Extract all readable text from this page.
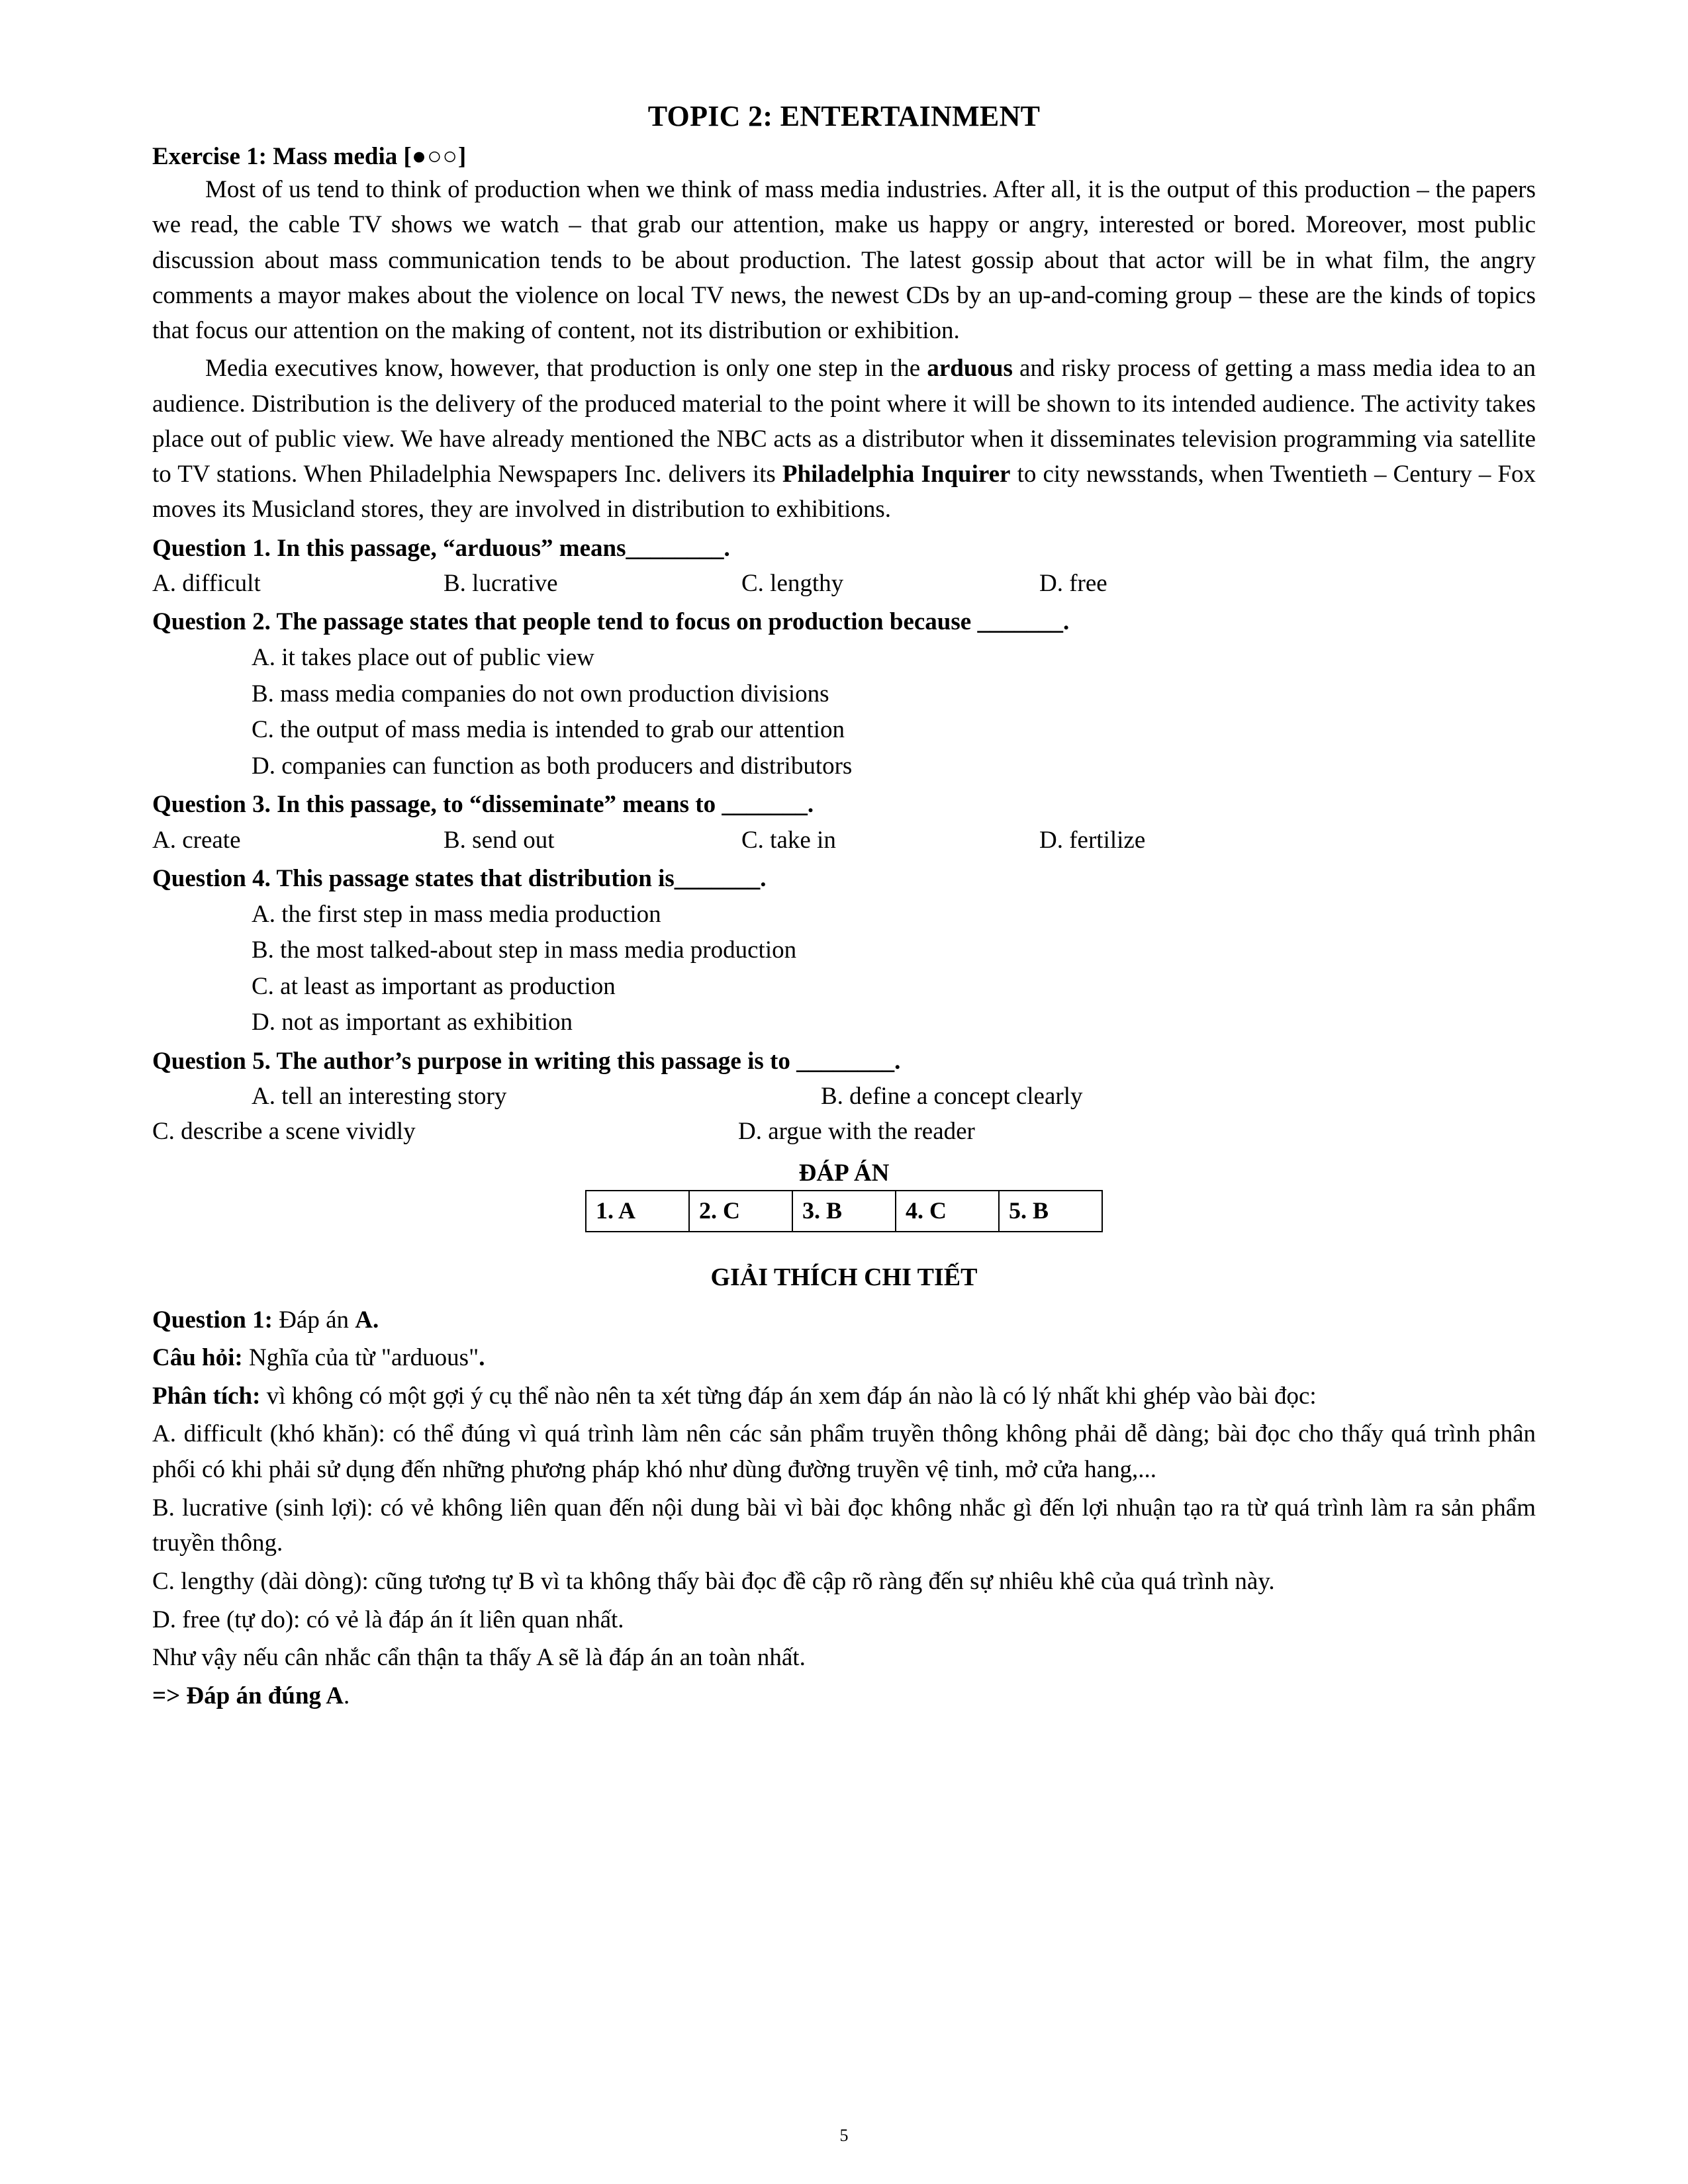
TOPIC 2: ENTERTAINMENT
Exercise 1: Mass media [●○○]

Most of us tend to think of production when we think of mass media industries. After all, it is the output of this production – the papers we read, the cable TV shows we watch – that grab our attention, make us happy or angry, interested or bored. Moreover, most public discussion about mass communication tends to be about production. The latest gossip about that actor will be in what film, the angry comments a mayor makes about the violence on local TV news, the newest CDs by an up-and-coming group – these are the kinds of topics that focus our attention on the making of content, not its distribution or exhibition.

Media executives know, however, that production is only one step in the arduous and risky process of getting a mass media idea to an audience. Distribution is the delivery of the produced material to the point where it will be shown to its intended audience. The activity takes place out of public view. We have already mentioned the NBC acts as a distributor when it disseminates television programming via satellite to TV stations. When Philadelphia Newspapers Inc. delivers its Philadelphia Inquirer to city newsstands, when Twentieth – Century – Fox moves its Musicland stores, they are involved in distribution to exhibitions.

Question 1. In this passage, “arduous” means________.
A. difficult	B. lucrative	C. lengthy	D. free
Question 2. The passage states that people tend to focus on production because _______.
A. it takes place out of public view
B. mass media companies do not own production divisions
C. the output of mass media is intended to grab our attention
D. companies can function as both producers and distributors
Question 3. In this passage, to “disseminate” means to _______.
A. create	B. send out	C. take in	D. fertilize
Question 4. This passage states that distribution is_______.
A. the first step in mass media production
B. the most talked-about step in mass media production
C. at least as important as production
D. not as important as exhibition
Question 5. The author’s purpose in writing this passage is to ________.
A. tell an interesting story	B. define a concept clearly
C. describe a scene vividly	D. argue with the reader
ĐÁP ÁN
1. A	2. C	3. B	4. C	5. B
GIẢI THÍCH CHI TIẾT

Question 1: Đáp án A.

Câu hỏi: Nghĩa của từ "arduous".

Phân tích: vì không có một gợi ý cụ thể nào nên ta xét từng đáp án xem đáp án nào là có lý nhất khi ghép vào bài đọc:

A. difficult (khó khăn): có thể đúng vì quá trình làm nên các sản phẩm truyền thông không phải dễ dàng; bài đọc cho thấy quá trình phân phối có khi phải sử dụng đến những phương pháp khó như dùng đường truyền vệ tinh, mở cửa hang,...

B. lucrative (sinh lợi): có vẻ không liên quan đến nội dung bài vì bài đọc không nhắc gì đến lợi nhuận tạo ra từ quá trình làm ra sản phẩm truyền thông.

C. lengthy (dài dòng): cũng tương tự B vì ta không thấy bài đọc đề cập rõ ràng đến sự nhiêu khê của quá trình này.

D. free (tự do): có vẻ là đáp án ít liên quan nhất.

Như vậy nếu cân nhắc cẩn thận ta thấy A sẽ là đáp án an toàn nhất.

=> Đáp án đúng A.

5
